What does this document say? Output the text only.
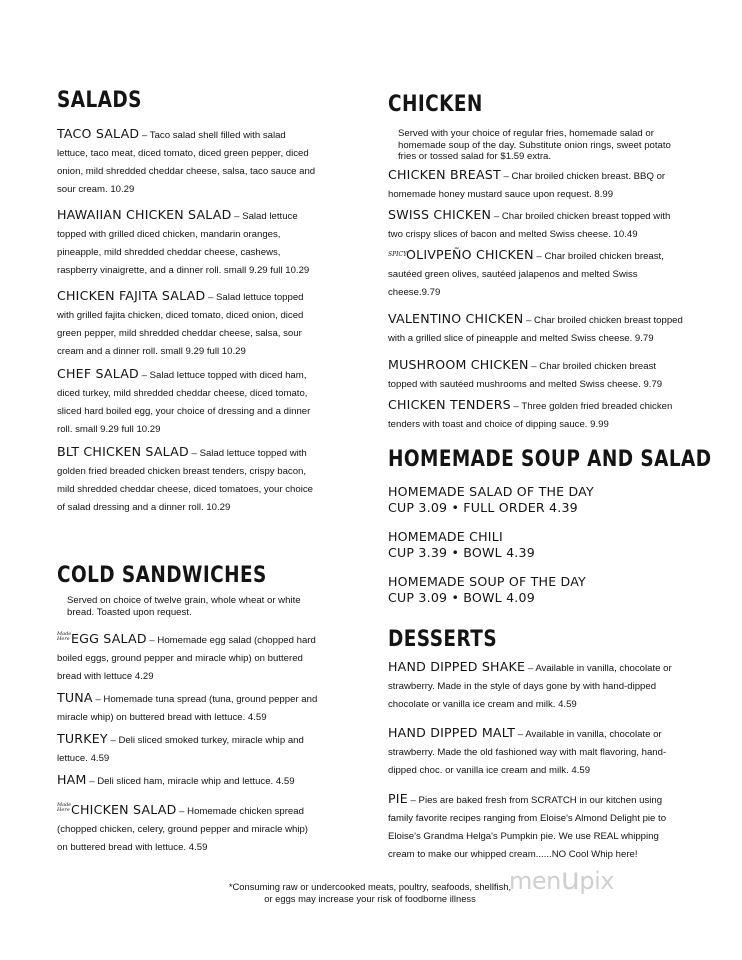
SALADS
TACO SALAD – Taco salad shell filled with salad lettuce, taco meat, diced tomato, diced green pepper, diced onion, mild shredded cheddar cheese, salsa, taco sauce and sour cream. 10.29
HAWAIIAN CHICKEN SALAD – Salad lettuce topped with grilled diced chicken, mandarin oranges, pineapple, mild shredded cheddar cheese, cashews, raspberry vinaigrette, and a dinner roll. small 9.29 full 10.29
CHICKEN FAJITA SALAD – Salad lettuce topped with grilled fajita chicken, diced tomato, diced onion, diced green pepper, mild shredded cheddar cheese, salsa, sour cream and a dinner roll. small 9.29 full 10.29
CHEF SALAD – Salad lettuce topped with diced ham, diced turkey, mild shredded cheddar cheese, diced tomato, sliced hard boiled egg, your choice of dressing and a dinner roll. small 9.29 full 10.29
BLT CHICKEN SALAD – Salad lettuce topped with golden fried breaded chicken breast tenders, crispy bacon, mild shredded cheddar cheese, diced tomatoes, your choice of salad dressing and a dinner roll. 10.29
COLD SANDWICHES

Served on choice of twelve grain, whole wheat or white bread. Toasted upon request.

Made HereEGG SALAD – Homemade egg salad (chopped hard boiled eggs, ground pepper and miracle whip) on buttered bread with lettuce 4.29
TUNA – Homemade tuna spread (tuna, ground pepper and miracle whip) on buttered bread with lettuce. 4.59
TURKEY – Deli sliced smoked turkey, miracle whip and lettuce. 4.59
HAM – Deli sliced ham, miracle whip and lettuce. 4.59
Made HereCHICKEN SALAD – Homemade chicken spread (chopped chicken, celery, ground pepper and miracle whip) on buttered bread with lettuce. 4.59
CHICKEN

Served with your choice of regular fries, homemade salad or homemade soup of the day. Substitute onion rings, sweet potato fries or tossed salad for $1.59 extra.

CHICKEN BREAST – Char broiled chicken breast. BBQ or homemade honey mustard sauce upon request. 8.99
SWISS CHICKEN – Char broiled chicken breast topped with two crispy slices of bacon and melted Swiss cheese. 10.49
SPICYOLIVPEÑO CHICKEN – Char broiled chicken breast, sautéed green olives, sautéed jalapenos and melted Swiss cheese.9.79
VALENTINO CHICKEN – Char broiled chicken breast topped with a grilled slice of pineapple and melted Swiss cheese. 9.79
MUSHROOM CHICKEN – Char broiled chicken breast topped with sautéed mushrooms and melted Swiss cheese. 9.79
CHICKEN TENDERS – Three golden fried breaded chicken tenders with toast and choice of dipping sauce. 9.99
HOMEMADE SOUP AND SALAD

HOMEMADE SALAD OF THE DAY

CUP 3.09 • FULL ORDER 4.39

HOMEMADE CHILI

CUP 3.39 • BOWL 4.39

HOMEMADE SOUP OF THE DAY

CUP 3.09 • BOWL 4.09

DESSERTS
HAND DIPPED SHAKE – Available in vanilla, chocolate or strawberry. Made in the style of days gone by with hand-dipped chocolate or vanilla ice cream and milk. 4.59
HAND DIPPED MALT – Available in vanilla, chocolate or strawberry. Made the old fashioned way with malt flavoring, hand-dipped choc. or vanilla ice cream and milk. 4.59
PIE – Pies are baked fresh from SCRATCH in our kitchen using family favorite recipes ranging from Eloise's Almond Delight pie to Eloise's Grandma Helga's Pumpkin pie. We use REAL whipping cream to make our whipped cream......NO Cool Whip here!
*Consuming raw or undercooked meats, poultry, seafoods, shellfish,
or eggs may increase your risk of foodborne illness
menupix
